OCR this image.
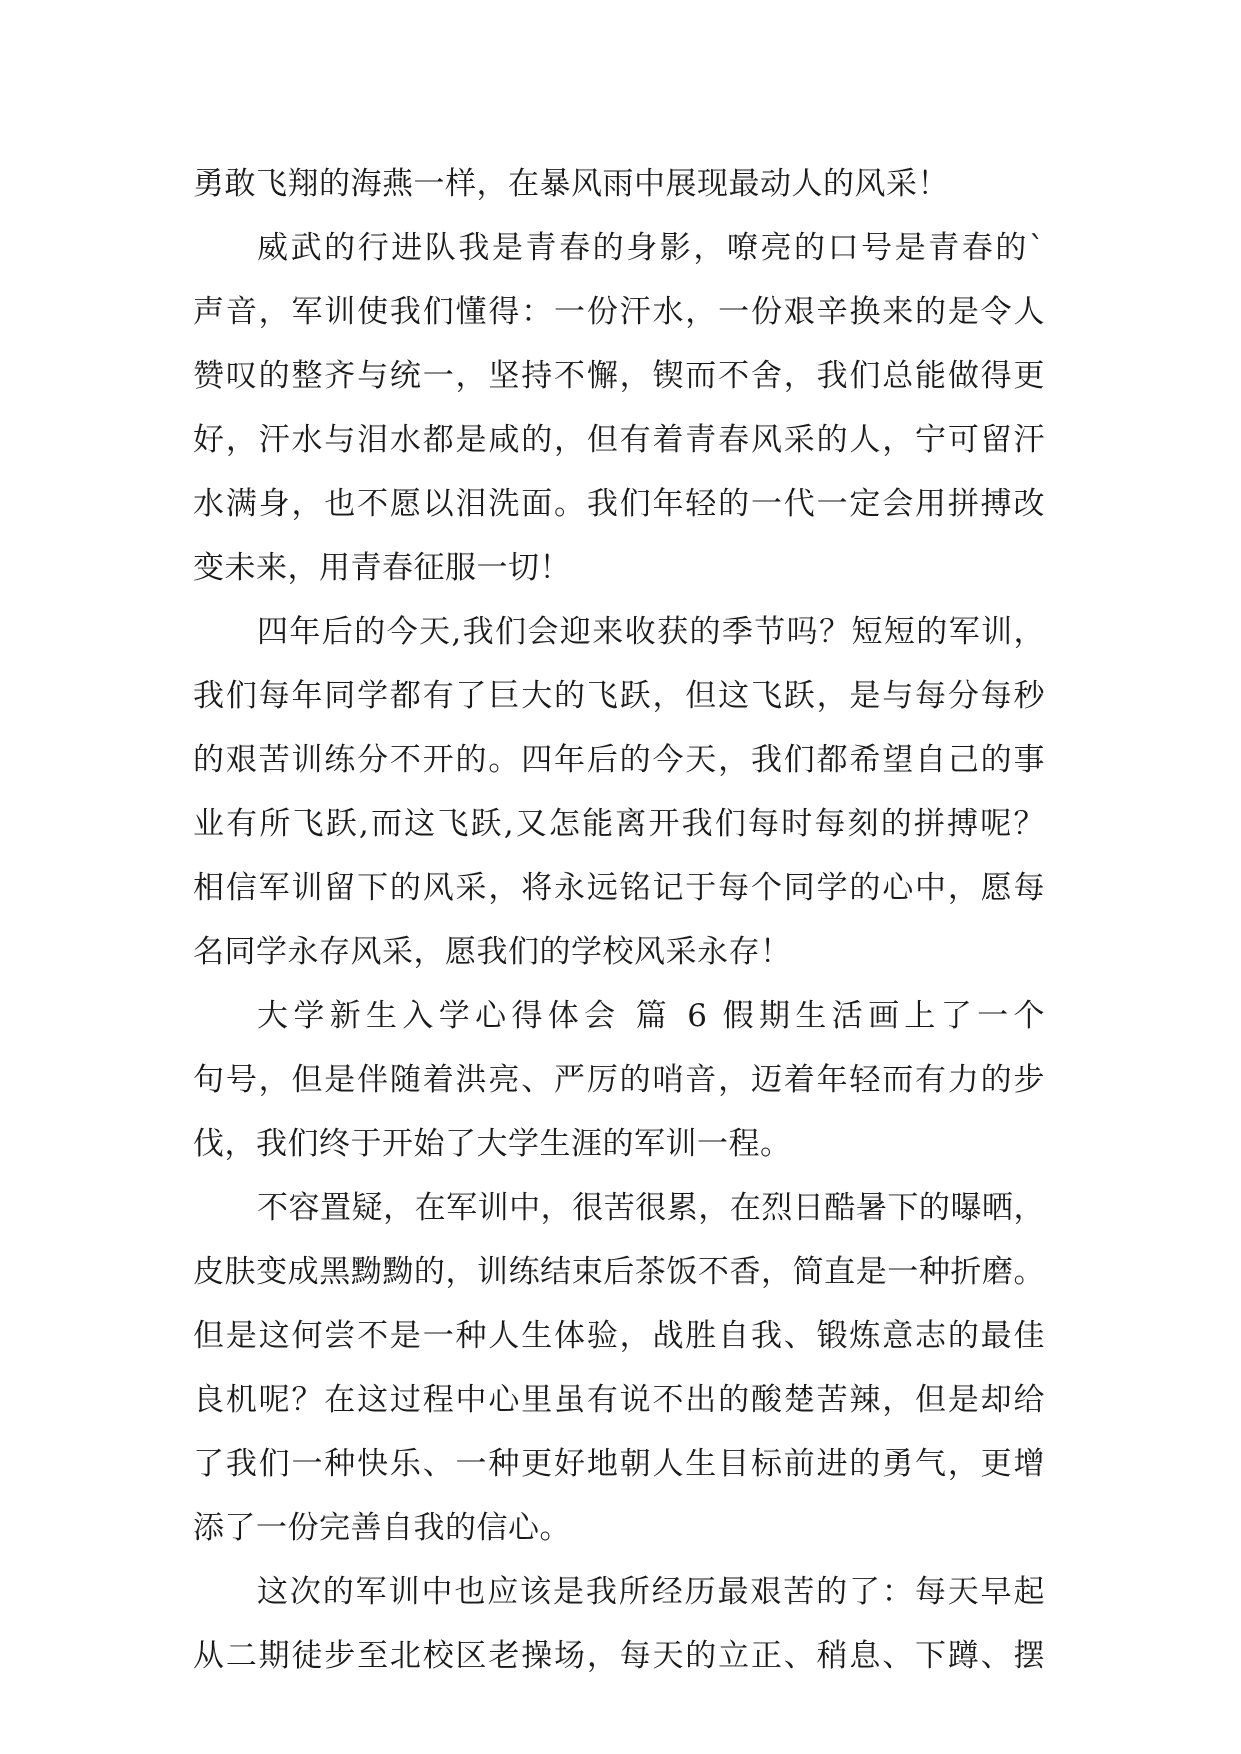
勇敢飞翔的海燕一样，在暴风雨中展现最动人的风采！
威武的行进队我是青春的身影，嘹亮的口号是青春的`
声音，军训使我们懂得：一份汗水，一份艰辛换来的是令人
赞叹的整齐与统一，坚持不懈，锲而不舍，我们总能做得更
好，汗水与泪水都是咸的，但有着青春风采的人，宁可留汗
水满身，也不愿以泪洗面。我们年轻的一代一定会用拼搏改
变未来，用青春征服一切！
四年后的今天,我们会迎来收获的季节吗？短短的军训，
我们每年同学都有了巨大的飞跃，但这飞跃，是与每分每秒
的艰苦训练分不开的。四年后的今天，我们都希望自己的事
业有所飞跃,而这飞跃,又怎能离开我们每时每刻的拼搏呢？
相信军训留下的风采，将永远铭记于每个同学的心中，愿每
名同学永存风采，愿我们的学校风采永存！
大学新生入学心得体会 篇 6 假期生活画上了一个
句号，但是伴随着洪亮、严厉的哨音，迈着年轻而有力的步
伐，我们终于开始了大学生涯的军训一程。
不容置疑，在军训中，很苦很累，在烈日酷暑下的曝晒，
皮肤变成黑黝黝的，训练结束后茶饭不香，简直是一种折磨。
但是这何尝不是一种人生体验，战胜自我、锻炼意志的最佳
良机呢？在这过程中心里虽有说不出的酸楚苦辣，但是却给
了我们一种快乐、一种更好地朝人生目标前进的勇气，更增
添了一份完善自我的信心。
这次的军训中也应该是我所经历最艰苦的了：每天早起
从二期徒步至北校区老操场，每天的立正、稍息、下蹲、摆
